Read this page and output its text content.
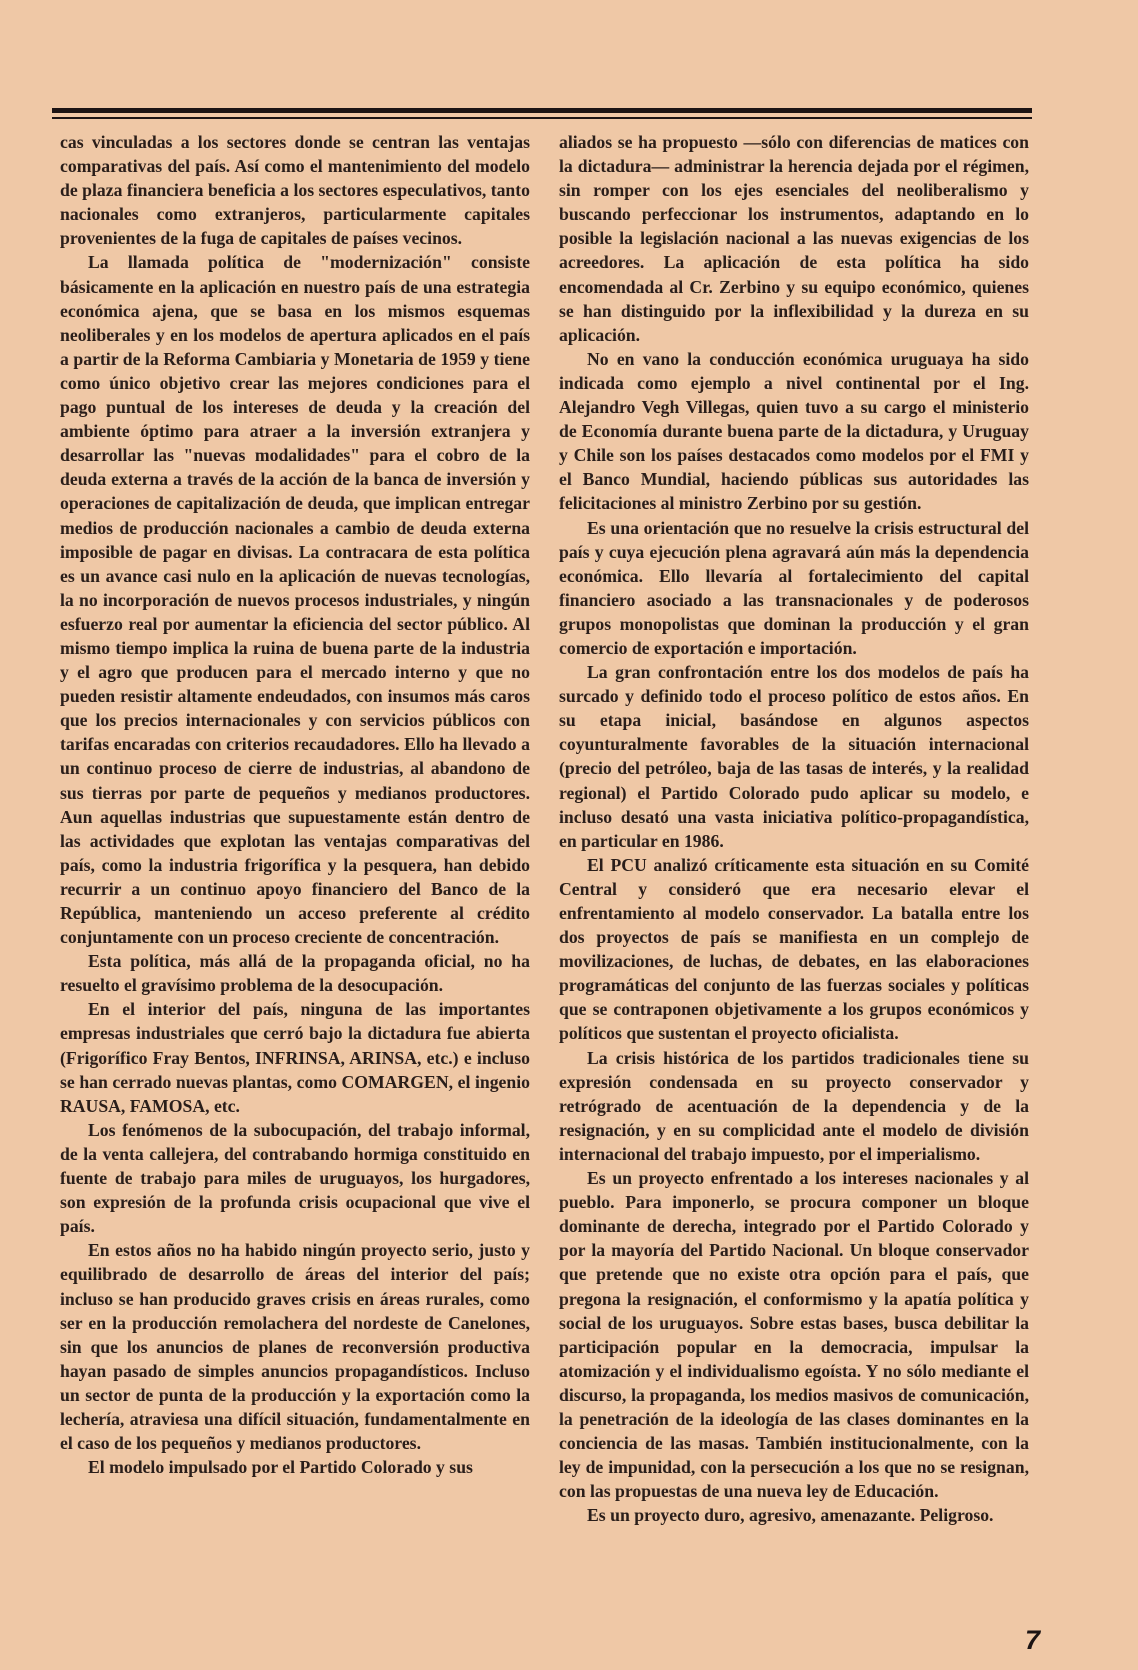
cas vinculadas a los sectores donde se centran las ventajas comparativas del país. Así como el mantenimiento del modelo de plaza financiera beneficia a los sectores especulativos, tanto nacionales como extranjeros, particularmente capitales provenientes de la fuga de capitales de países vecinos.

La llamada política de "modernización" consiste básicamente en la aplicación en nuestro país de una estrategia económica ajena, que se basa en los mismos esquemas neoliberales y en los modelos de apertura aplicados en el país a partir de la Reforma Cambiaria y Monetaria de 1959 y tiene como único objetivo crear las mejores condiciones para el pago puntual de los intereses de deuda y la creación del ambiente óptimo para atraer a la inversión extranjera y desarrollar las "nuevas modalidades" para el cobro de la deuda externa a través de la acción de la banca de inversión y operaciones de capitalización de deuda, que implican entregar medios de producción nacionales a cambio de deuda externa imposible de pagar en divisas. La contracara de esta política es un avance casi nulo en la aplicación de nuevas tecnologías, la no incorporación de nuevos procesos industriales, y ningún esfuerzo real por aumentar la eficiencia del sector público. Al mismo tiempo implica la ruina de buena parte de la industria y el agro que producen para el mercado interno y que no pueden resistir altamente endeudados, con insumos más caros que los precios internacionales y con servicios públicos con tarifas encaradas con criterios recaudadores. Ello ha llevado a un continuo proceso de cierre de industrias, al abandono de sus tierras por parte de pequeños y medianos productores. Aun aquellas industrias que supuestamente están dentro de las actividades que explotan las ventajas comparativas del país, como la industria frigorífica y la pesquera, han debido recurrir a un continuo apoyo financiero del Banco de la República, manteniendo un acceso preferente al crédito conjuntamente con un proceso creciente de concentración.

Esta política, más allá de la propaganda oficial, no ha resuelto el gravísimo problema de la desocupación.

En el interior del país, ninguna de las importantes empresas industriales que cerró bajo la dictadura fue abierta (Frigorífico Fray Bentos, INFRINSA, ARINSA, etc.) e incluso se han cerrado nuevas plantas, como COMARGEN, el ingenio RAUSA, FAMOSA, etc.

Los fenómenos de la subocupación, del trabajo informal, de la venta callejera, del contrabando hormiga constituido en fuente de trabajo para miles de uruguayos, los hurgadores, son expresión de la profunda crisis ocupacional que vive el país.

En estos años no ha habido ningún proyecto serio, justo y equilibrado de desarrollo de áreas del interior del país; incluso se han producido graves crisis en áreas rurales, como ser en la producción remolachera del nordeste de Canelones, sin que los anuncios de planes de reconversión productiva hayan pasado de simples anuncios propagandísticos. Incluso un sector de punta de la producción y la exportación como la lechería, atraviesa una difícil situación, fundamentalmente en el caso de los pequeños y medianos productores.

El modelo impulsado por el Partido Colorado y sus

aliados se ha propuesto —sólo con diferencias de matices con la dictadura— administrar la herencia dejada por el régimen, sin romper con los ejes esenciales del neoliberalismo y buscando perfeccionar los instrumentos, adaptando en lo posible la legislación nacional a las nuevas exigencias de los acreedores. La aplicación de esta política ha sido encomendada al Cr. Zerbino y su equipo económico, quienes se han distinguido por la inflexibilidad y la dureza en su aplicación.

No en vano la conducción económica uruguaya ha sido indicada como ejemplo a nivel continental por el Ing. Alejandro Vegh Villegas, quien tuvo a su cargo el ministerio de Economía durante buena parte de la dictadura, y Uruguay y Chile son los países destacados como modelos por el FMI y el Banco Mundial, haciendo públicas sus autoridades las felicitaciones al ministro Zerbino por su gestión.

Es una orientación que no resuelve la crisis estructural del país y cuya ejecución plena agravará aún más la dependencia económica. Ello llevaría al fortalecimiento del capital financiero asociado a las transnacionales y de poderosos grupos monopolistas que dominan la producción y el gran comercio de exportación e importación.

La gran confrontación entre los dos modelos de país ha surcado y definido todo el proceso político de estos años. En su etapa inicial, basándose en algunos aspectos coyunturalmente favorables de la situación internacional (precio del petróleo, baja de las tasas de interés, y la realidad regional) el Partido Colorado pudo aplicar su modelo, e incluso desató una vasta iniciativa político-propagandística, en particular en 1986.

El PCU analizó críticamente esta situación en su Comité Central y consideró que era necesario elevar el enfrentamiento al modelo conservador. La batalla entre los dos proyectos de país se manifiesta en un complejo de movilizaciones, de luchas, de debates, en las elaboraciones programáticas del conjunto de las fuerzas sociales y políticas que se contraponen objetivamente a los grupos económicos y políticos que sustentan el proyecto oficialista.

La crisis histórica de los partidos tradicionales tiene su expresión condensada en su proyecto conservador y retrógrado de acentuación de la dependencia y de la resignación, y en su complicidad ante el modelo de división internacional del trabajo impuesto, por el imperialismo.

Es un proyecto enfrentado a los intereses nacionales y al pueblo. Para imponerlo, se procura componer un bloque dominante de derecha, integrado por el Partido Colorado y por la mayoría del Partido Nacional. Un bloque conservador que pretende que no existe otra opción para el país, que pregona la resignación, el conformismo y la apatía política y social de los uruguayos. Sobre estas bases, busca debilitar la participación popular en la democracia, impulsar la atomización y el individualismo egoísta. Y no sólo mediante el discurso, la propaganda, los medios masivos de comunicación, la penetración de la ideología de las clases dominantes en la conciencia de las masas. También institucionalmente, con la ley de impunidad, con la persecución a los que no se resignan, con las propuestas de una nueva ley de Educación.

Es un proyecto duro, agresivo, amenazante. Peligroso.

7
